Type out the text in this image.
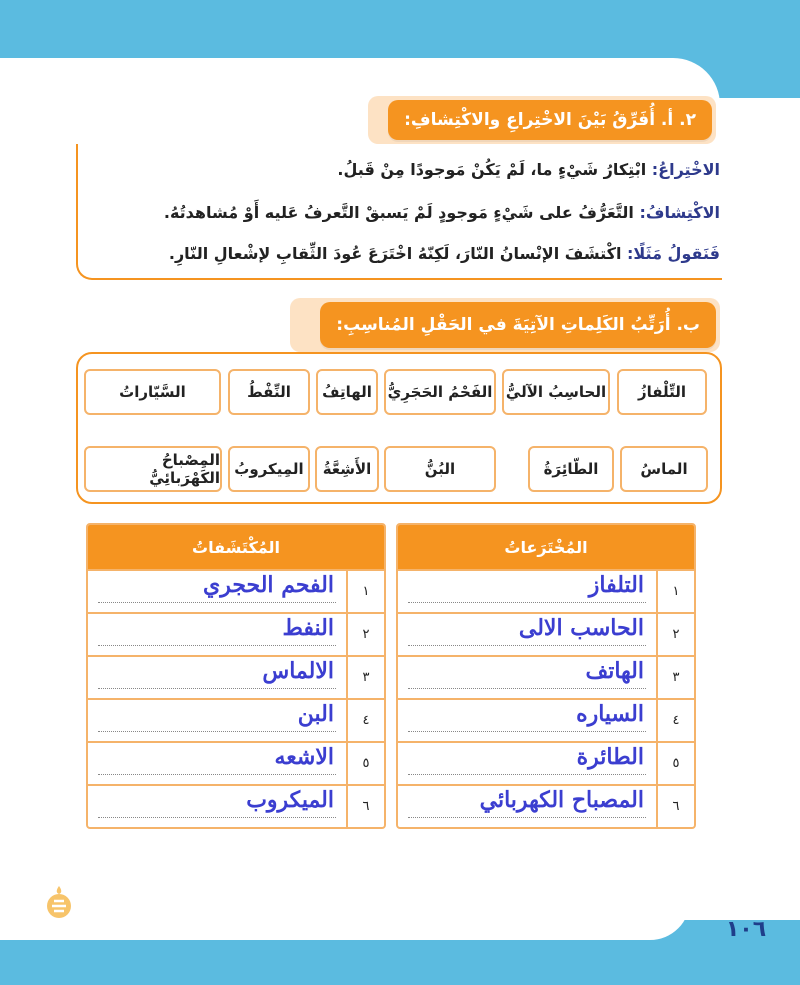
٢. أ. أُفَرِّقُ بَيْنَ الاخْتِراعِ والاكْتِشافِ:
الاخْتِراعُ: ابْتِكارُ شَيْءٍ ما، لَمْ يَكُنْ مَوجودًا مِنْ قَبلُ.
الاكْتِشافُ: التَّعَرُّفُ على شَيْءٍ مَوجودٍ لَمْ يَسبقْ التَّعرفُ عَليه أَوْ مُشاهدتُهُ.
فَنَقولُ مَثَلًا: اكْتشَفَ الإنْسانُ النّارَ، لَكِنّهُ اخْتَرَعَ عُودَ الثِّقابِ لإشْعالِ النّارِ.
ب. أُرَتِّبُ الكَلِماتِ الآتِيَةَ في الحَقْلِ المُناسِبِ:
التِّلْفازُ
الحاسِبُ الآليُّ
الفَحْمُ الحَجَرِيُّ
الهاتِفُ
النِّفْطُ
السَّيّاراتُ
الماسُ
الطّائِرَةُ
البُنُّ
الأَشِعَّةُ
المِيكروبُ
المِصْباحُ الكَهْرَبائِيُّ
المُخْتَرَعاتُ
١
التلفاز
٢
الحاسب الالى
٣
الهاتف
٤
السياره
٥
الطائرة
٦
المصباح الكهربائي
المُكْتَشَفاتُ
١
الفحم الحجري
٢
النفط
٣
الالماس
٤
البن
٥
الاشعه
٦
الميكروب
١٠٦
